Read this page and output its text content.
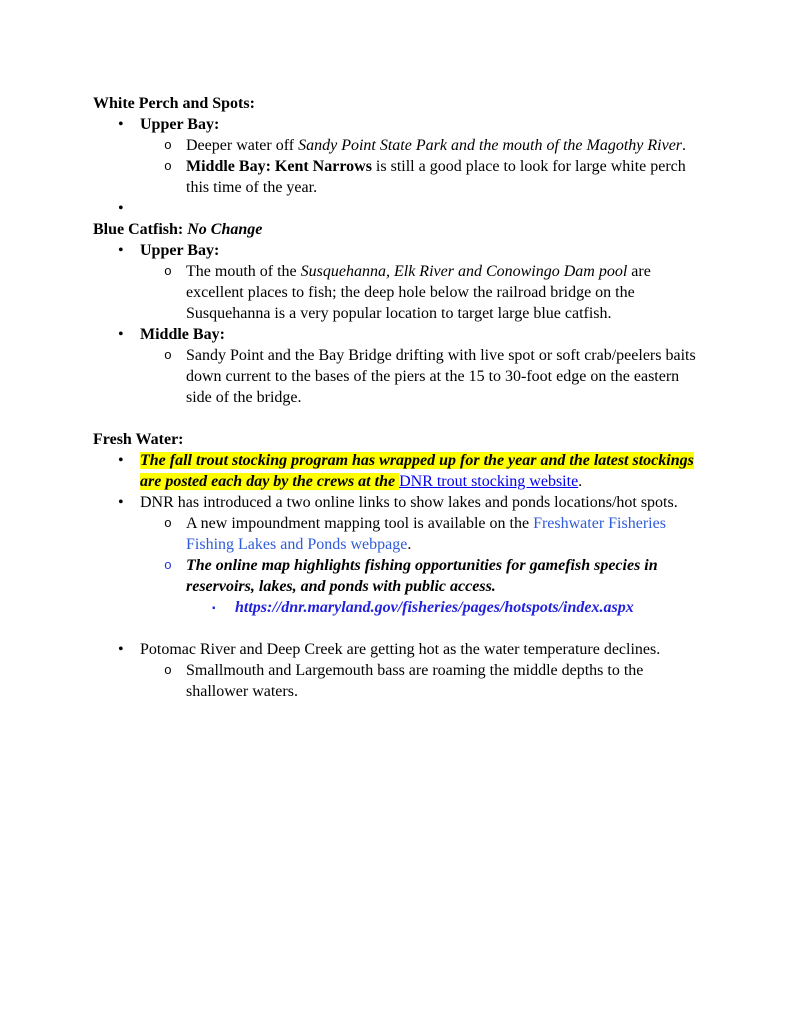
White Perch and Spots:
• Upper Bay:
o Deeper water off Sandy Point State Park and the mouth of the Magothy River.
o Middle Bay: Kent Narrows is still a good place to look for large white perch this time of the year.
•

Blue Catfish: No Change
• Upper Bay:
o The mouth of the Susquehanna, Elk River and Conowingo Dam pool are excellent places to fish; the deep hole below the railroad bridge on the Susquehanna is a very popular location to target large blue catfish.
• Middle Bay:
o Sandy Point and the Bay Bridge drifting with live spot or soft crab/peelers baits down current to the bases of the piers at the 15 to 30-foot edge on the eastern side of the bridge.
Fresh Water:
• The fall trout stocking program has wrapped up for the year and the latest stockings are posted each day by the crews at the DNR trout stocking website.
• DNR has introduced a two online links to show lakes and ponds locations/hot spots.
o A new impoundment mapping tool is available on the Freshwater Fisheries Fishing Lakes and Ponds webpage.
o The online map highlights fishing opportunities for gamefish species in reservoirs, lakes, and ponds with public access.
▪ https://dnr.maryland.gov/fisheries/pages/hotspots/index.aspx
• Potomac River and Deep Creek are getting hot as the water temperature declines.
o Smallmouth and Largemouth bass are roaming the middle depths to the shallower waters.
